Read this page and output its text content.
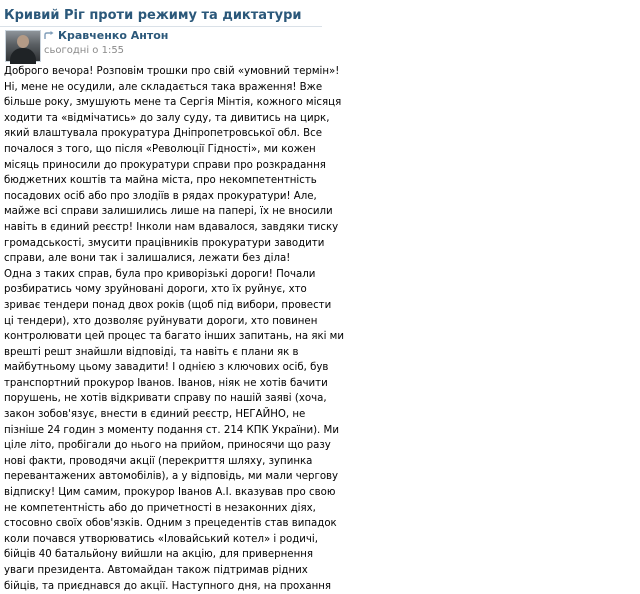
Кривий Ріг проти режиму та диктатури
Кравченко Антон
сьогодні о 1:55
Доброго вечора! Розповім трошки про свій «умовний термін»!
Ні, мене не осудили, але складається така враження! Вже
більше року, змушують мене та Сергія Мінтія, кожного місяця
ходити та «відмічатись» до залу суду, та дивитись на цирк,
який влаштувала прокуратура Дніпропетровської обл. Все
почалося з того, що після «Революції Гідності», ми кожен
місяць приносили до прокуратури справи про розкрадання
бюджетних коштів та майна міста, про некомпетентність
посадових осіб або про злодіїв в рядах прокуратури! Але,
майже всі справи залишились лише на папері, їх не вносили
навіть в єдиний реєстр! Інколи нам вдавалося, завдяки тиску
громадськості, змусити працівників прокуратури заводити
справи, але вони так і залишалися, лежати без діла!
Одна з таких справ, була про криворізькі дороги! Почали
розбиратись чому зруйновані дороги, хто їх руйнує, хто
зриває тендери понад двох років (щоб під вибори, провести
ці тендери), хто дозволяє руйнувати дороги, хто повинен
контролювати цей процес та багато інших запитань, на які ми
врешті решт знайшли відповіді, та навіть є плани як в
майбутньому цьому завадити! І однією з ключових осіб, був
транспортний прокурор Іванов. Іванов, ніяк не хотів бачити
порушень, не хотів відкривати справу по нашій заяві (хоча,
закон зобов'язує, внести в єдиний реєстр, НЕГАЙНО, не
пізніше 24 годин з моменту подання ст. 214 КПК України). Ми
ціле літо, пробігали до нього на прийом, приносячи що разу
нові факти, проводячи акції (перекриття шляху, зупинка
перевантажених автомобілів), а у відповідь, ми мали чергову
відписку! Цим самим, прокурор Іванов А.І. вказував про свою
не компетентність або до причетності в незаконних діях,
стосовно своїх обов'язків. Одним з прецедентів став випадок
коли почався утворюватись «Іловайський котел» і родичі,
бійців 40 батальйону вийшли на акцію, для привернення
уваги президента. Автомайдан також підтримав рідних
бійців, та приєднався до акції. Наступного дня, на прохання
